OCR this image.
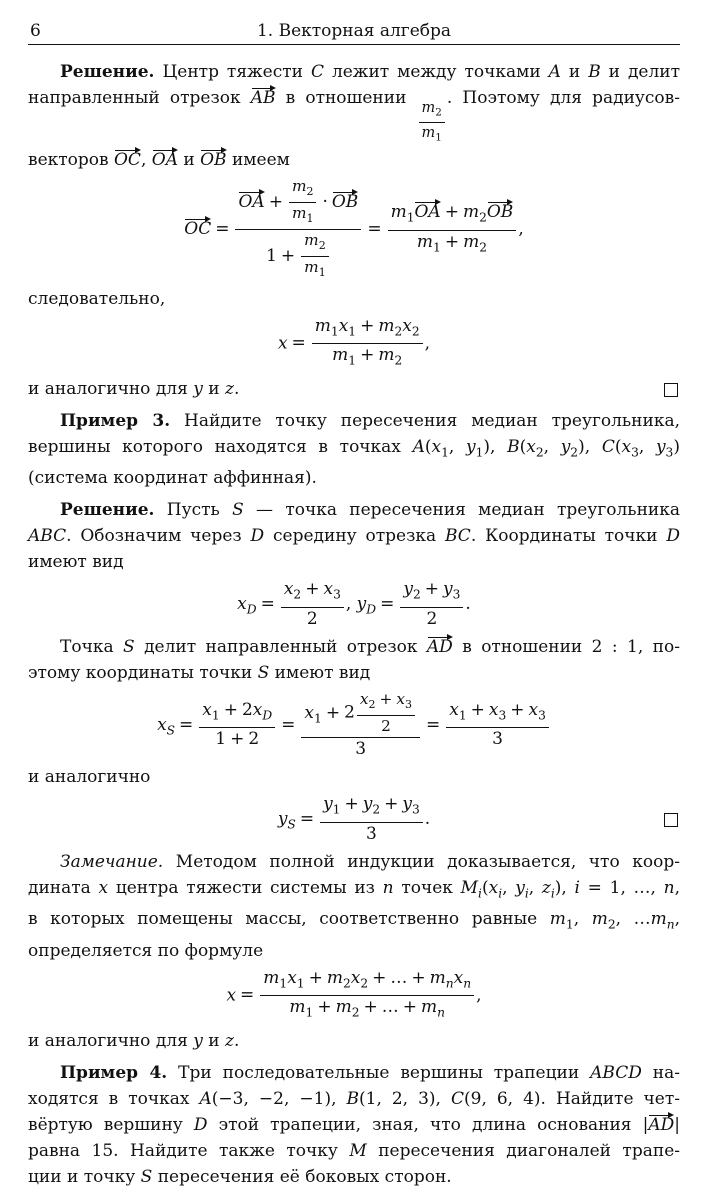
6	1. Векторная алгебра
Решение. Центр тяжести C лежит между точками A и B и делит
направленный отрезок AB в отношении
$\frac{m_2}{m_1}$
. Поэтому для радиусов-
векторов OC, OA и OB имеем
OC = $\frac{OA + \frac{m_2}{m_1} \cdot OB}{1 + \frac{m_2}{m_1}} = \frac{m_1OA + m_2OB}{m_1 + m_2}$ ,
следовательно,
$x = \frac{m_1x_1 + m_2x_2}{m_1 + m_2}$ ,
и аналогично для y и z.
Пример 3. Найдите точку пересечения медиан треугольника,
вершины которого находятся в точках $A(x_1$, $y_1$), $B(x_2$, $y_2$), $C(x_3$, $y_3$)
(система координат аффинная).
Решение. Пусть S — точка пересечения медиан треугольника
ABC. Обозначим через D середину отрезка BC. Координаты точки D
имеют вид
$x_D = \frac{x_2 + x_3}{2}$ , $y_D = \frac{y_2 + y_3}{2}$ .
Точка S делит направленный отрезок AD в отношении 2 : 1, по-
этому координаты точки S имеют вид
$x_S = \frac{x_1 + 2x_D}{1 + 2} = \frac{x_1 + 2 \frac{x_2 + x_3}{2}}{3} = \frac{x_1 + x_3 + x_3}{3}$
и аналогично
$y_S = \frac{y_1 + y_2 + y_3}{3}$ .
Замечание. Методом полной индукции доказывается, что коор-
дината x центра тяжести системы из n точек $M_i(x_i$, $y_i$, $z_i$), i = 1, …, n,
в которых помещены массы, соответственно равные $m_1$, $m_2$, $\dots m_n$,
определяется по формуле
$x = \frac{m_1x_1 + m_2x_2 + \dots + m_nx_n}{m_1 + m_2 + \dots + m_n}$ ,
и аналогично для y и z.
Пример 4. Три последовательные вершины трапеции ABCD на-
ходятся в точках A(−3, −2, −1), B(1, 2, 3), C(9, 6, 4). Найдите чет-
вёртую вершину D этой трапеции, зная, что длина основания |AD|
равна 15. Найдите также точку M пересечения диагоналей трапе-
ции и точку S пересечения её боковых сторон.
